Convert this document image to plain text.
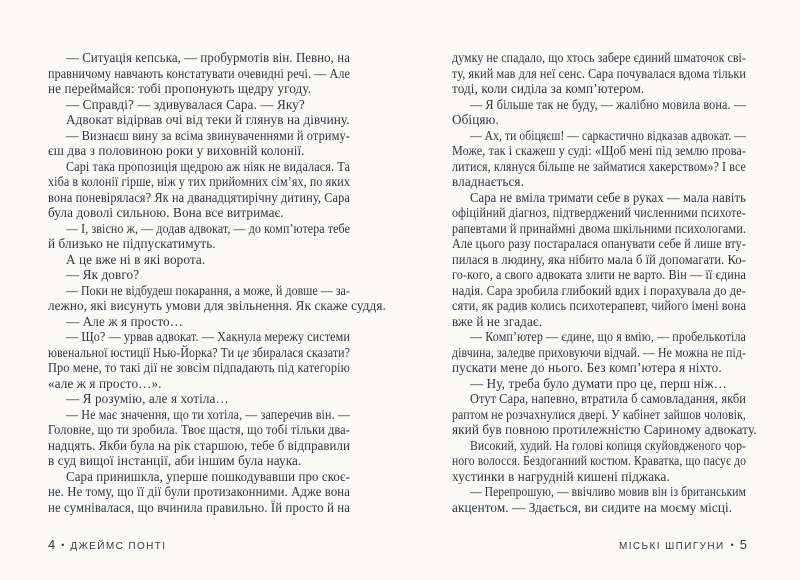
— Ситуація кепська, — пробурмотів він. Певно, на
правничому навчають констатувати очевидні речі. — Але
не переймайся: тобі пропонують щедру угоду.
— Справді? — здивувалася Сара. — Яку?
Адвокат відірвав очі від теки й глянув на дівчину.
— Визнаєш вину за всіма звинуваченнями й отриму-
єш два з половиною роки у виховній колонії.
Сарі така пропозиція щедрою аж ніяк не видалася. Та
хіба в колонії гірше, ніж у тих прийомних сім’ях, по яких
вона поневірялася? Як на дванадцятирічну дитину, Сара
була доволі сильною. Вона все витримає.
— І, звісно ж, — додав адвокат, — до комп’ютера тебе
й близько не підпускатимуть.
А це вже ні в які ворота.
— Як довго?
— Поки не відбудеш покарання, а може, й довше — за-
лежно, які висунуть умови для звільнення. Як скаже суддя.
— Але ж я просто…
— Що? — урвав адвокат. — Хакнула мережу системи
ювенальної юстиції Нью-Йорка? Ти це збиралася сказати?
Про мене, то такі дії не зовсім підпадають під категорію
«але ж я просто…».
— Я розумію, але я хотіла…
— Не має значення, що ти хотіла, — заперечив він. —
Головне, що ти зробила. Твоє щастя, що тобі тільки два-
надцять. Якби була на рік старшою, тебе б відправили
в суд вищої інстанції, аби іншим була наука.
Сара принишкла, уперше пошкодувавши про скоє-
не. Не тому, що її дії були протизаконними. Адже вона
не сумнівалася, що вчинила правильно. Їй просто й на
думку не спадало, що хтось забере єдиний шматочок сві-
ту, який мав для неї сенс. Сара почувалася вдома тільки
тоді, коли сиділа за комп’ютером.
— Я більше так не буду, — жалібно мовила вона. —
Обіцяю.
— Ах, ти обіцяєш! — саркастично відказав адвокат. —
Може, так і скажеш у суді: «Щоб мені під землю прова-
литися, клянуся більше не займатися хакерством»? І все
владнається.
Сара не вміла тримати себе в руках — мала навіть
офіційний діагноз, підтверджений численними психоте-
рапевтами й принаймні двома шкільними психологами.
Але цього разу постаралася опанувати себе й лише вту-
пилася в людину, яка нібито мала б їй допомагати. Ко-
го-кого, а свого адвоката злити не варто. Він — її єдина
надія. Сара зробила глибокий вдих і порахувала до де-
сяти, як радив колись психотерапевт, чийого імені вона
вже й не згадає.
— Комп’ютер — єдине, що я вмію, — пробелькотіла
дівчина, заледве приховуючи відчай. — Не можна не під-
пускати мене до нього. Без комп’ютера я ніхто.
— Ну, треба було думати про це, перш ніж…
Отут Сара, напевно, втратила б самовладання, якби
раптом не розчахнулися двері. У кабінет зайшов чоловік,
який був повною протилежністю Сариному адвокату.
Високий, худий. На голові копиця скуйовдженого чор-
ного волосся. Бездоганний костюм. Краватка, що пасує до
хустинки в нагрудній кишені піджака.
— Перепрошую, — ввічливо мовив він із британським
акцентом. — Здається, ви сидите на моєму місці.
4 • ДЖЕЙМС ПОНТІ	МІСЬКІ ШПИГУНИ • 5
